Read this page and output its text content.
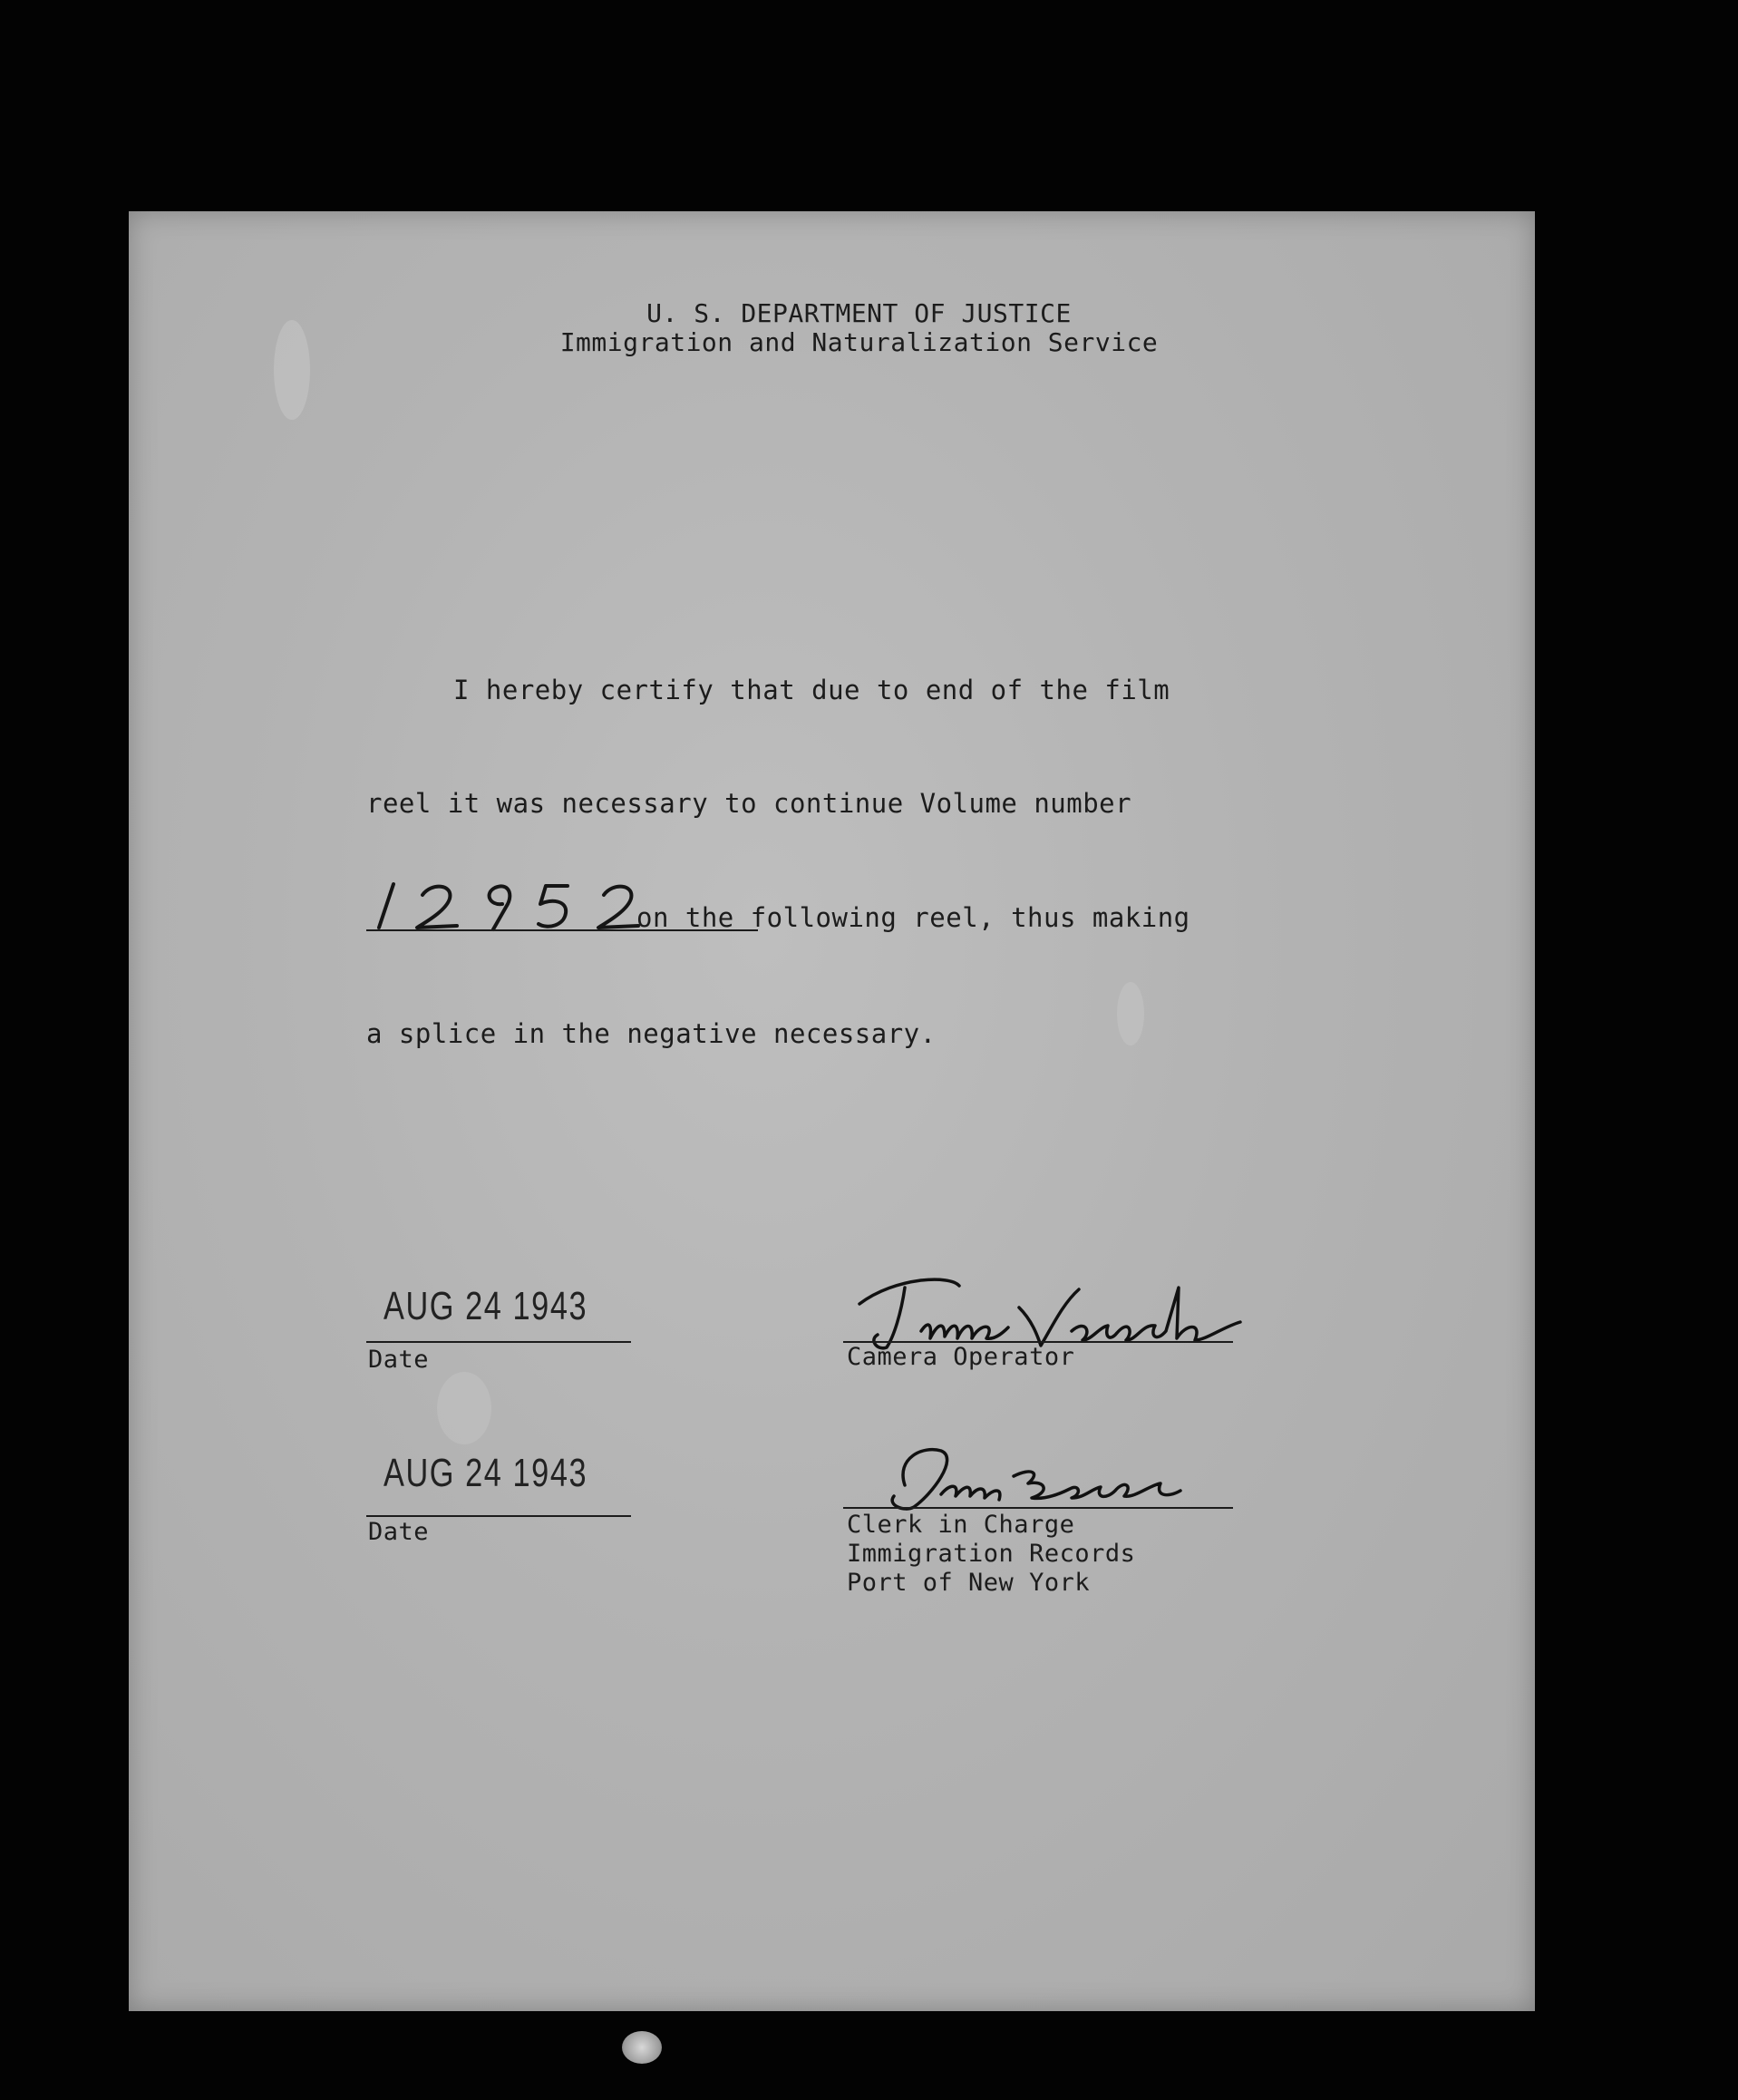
U. S. DEPARTMENT OF JUSTICE
Immigration and Naturalization Service
I hereby certify that due to end of the film
reel it was necessary to continue Volume number
on the following reel, thus making
a splice in the negative necessary.
AUG 24 1943
Date	Camera Operator
AUG 24 1943
Date	Clerk in Charge
Immigration Records
Port of New York
